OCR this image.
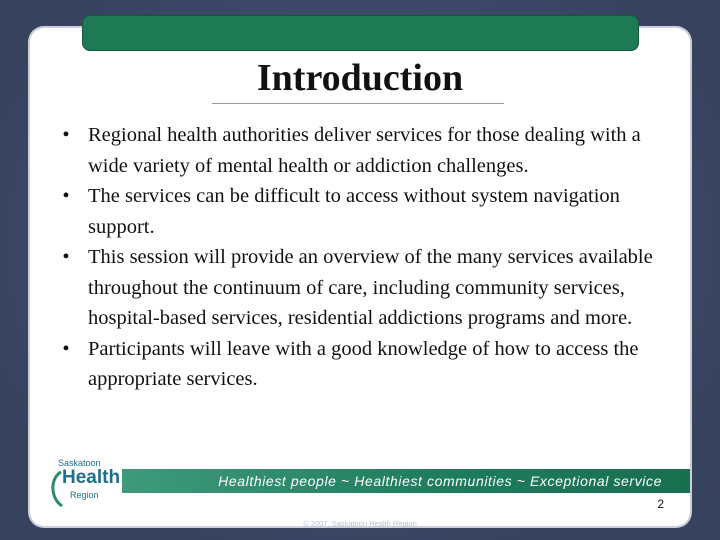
Introduction
• Regional health authorities deliver services for those dealing with a wide variety of mental health or addiction challenges.
• The services can be difficult to access without system navigation support.
• This session will provide an overview of the many services available throughout the continuum of care, including community services, hospital-based services, residential addictions programs and more.
• Participants will leave with a good knowledge of how to access the appropriate services.
Saskatoon
Health
Region
Healthiest people ~ Healthiest communities ~ Exceptional service
2
© 2007, Saskatoon Health Region
